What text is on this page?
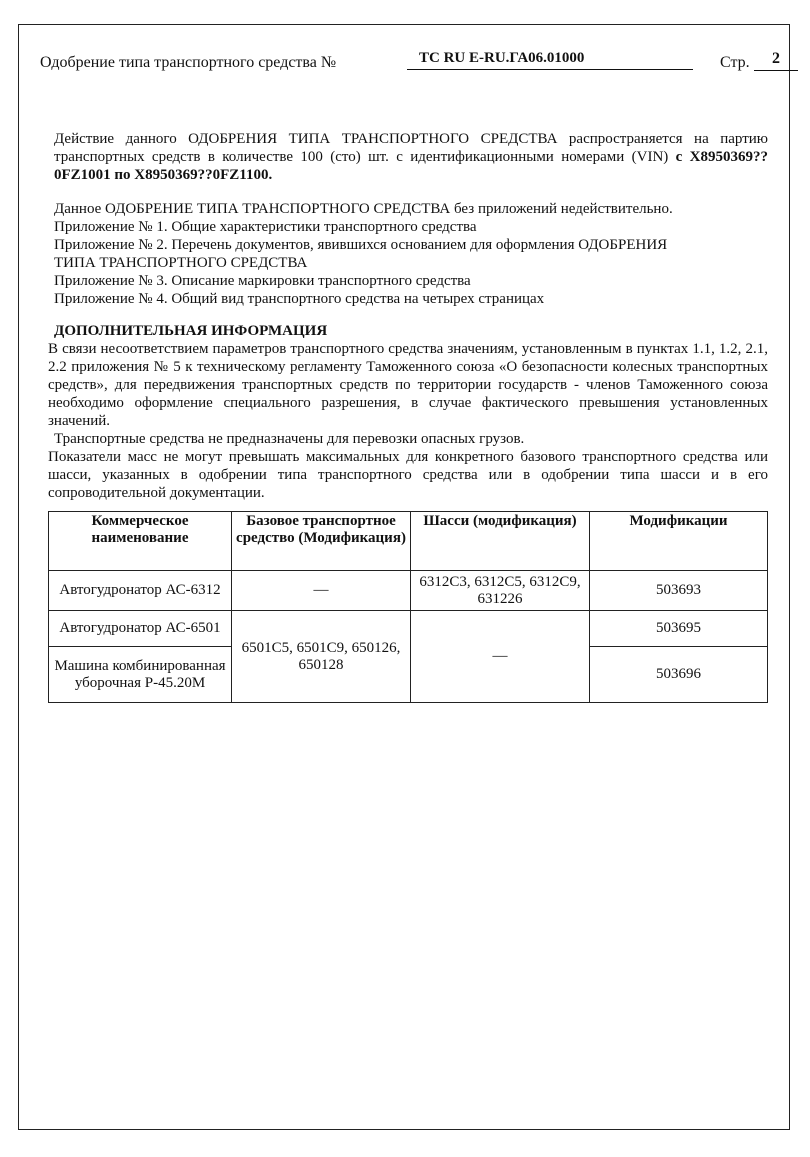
Одобрение типа транспортного средства №	ТС RU E-RU.ГА06.01000	Стр.	2

Действие данного ОДОБРЕНИЯ ТИПА ТРАНСПОРТНОГО СРЕДСТВА распространяется на партию транспортных средств в количестве 100 (сто) шт. с идентификационными номерами (VIN) с X8950369??0FZ1001 по X8950369??0FZ1100.

Данное ОДОБРЕНИЕ ТИПА ТРАНСПОРТНОГО СРЕДСТВА без приложений недействительно.

Приложение № 1. Общие характеристики транспортного средства

Приложение № 2. Перечень документов, явившихся основанием для оформления ОДОБРЕНИЯ

ТИПА ТРАНСПОРТНОГО СРЕДСТВА

Приложение № 3. Описание маркировки транспортного средства

Приложение № 4. Общий вид транспортного средства на четырех страницах

ДОПОЛНИТЕЛЬНАЯ ИНФОРМАЦИЯ

В связи несоответствием параметров транспортного средства значениям, установленным в пунктах 1.1, 1.2, 2.1, 2.2 приложения № 5 к техническому регламенту Таможенного союза «О безопасности колесных транспортных средств», для передвижения транспортных средств по территории государств - членов Таможенного союза необходимо оформление специального разрешения, в случае фактического превышения установленных значений.

Транспортные средства не предназначены для перевозки опасных грузов.

Показатели масс не могут превышать максимальных для конкретного базового транспортного средства или шасси, указанных в одобрении типа транспортного средства или в одобрении типа шасси и в его сопроводительной документации.

Коммерческое наименование	Базовое транспортное средство (Модификация)	Шасси (модификация)	Модификации
Автогудронатор АС-6312	—	6312С3, 6312С5, 6312С9, 631226	503693
Автогудронатор АС-6501	6501С5, 6501С9, 650126, 650128	—	503695
Машина комбинированная уборочная Р-45.20М			503696
